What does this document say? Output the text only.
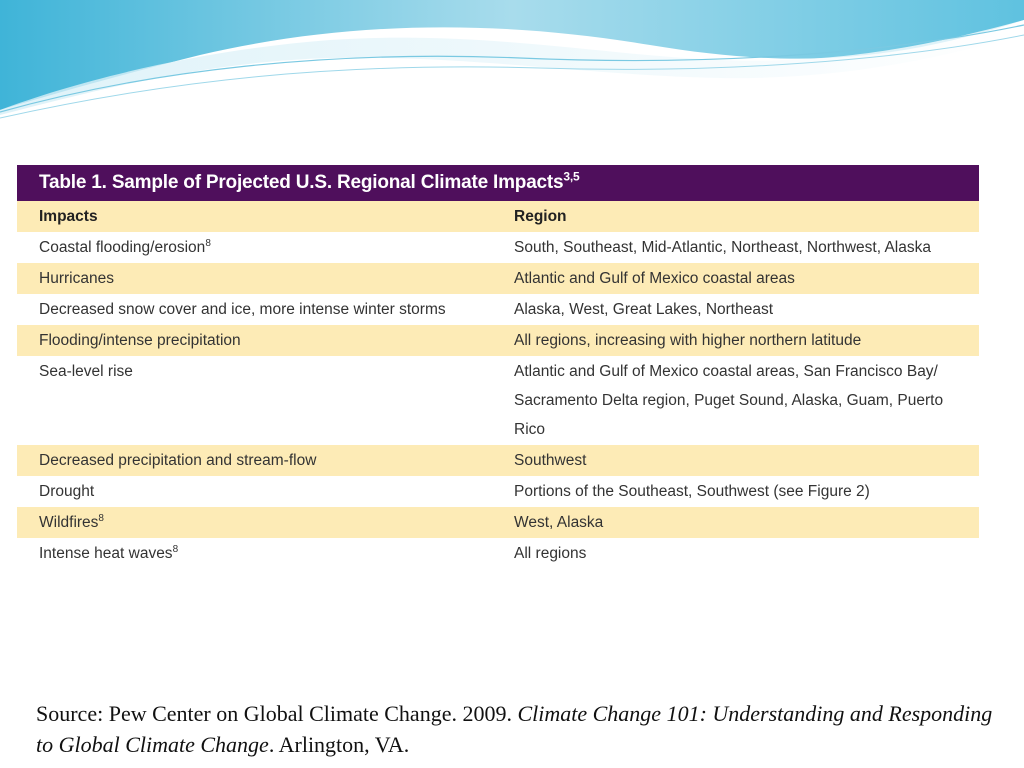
Table 1. Sample of Projected U.S. Regional Climate Impacts$^{3,5}$
Impacts	Region
Coastal flooding/erosion$^8$	South, Southeast, Mid-Atlantic, Northeast, Northwest, Alaska
Hurricanes	Atlantic and Gulf of Mexico coastal areas
Decreased snow cover and ice, more intense winter storms	Alaska, West, Great Lakes, Northeast
Flooding/intense precipitation	All regions, increasing with higher northern latitude
Sea-level rise	Atlantic and Gulf of Mexico coastal areas, San Francisco Bay/ Sacramento Delta region, Puget Sound, Alaska, Guam, Puerto Rico
Decreased precipitation and stream-flow	Southwest
Drought	Portions of the Southeast, Southwest (see Figure 2)
Wildfires$^8$	West, Alaska
Intense heat waves$^8$	All regions
Source: Pew Center on Global Climate Change. 2009. Climate Change 101: Understanding and Responding to Global Climate Change. Arlington, VA.
